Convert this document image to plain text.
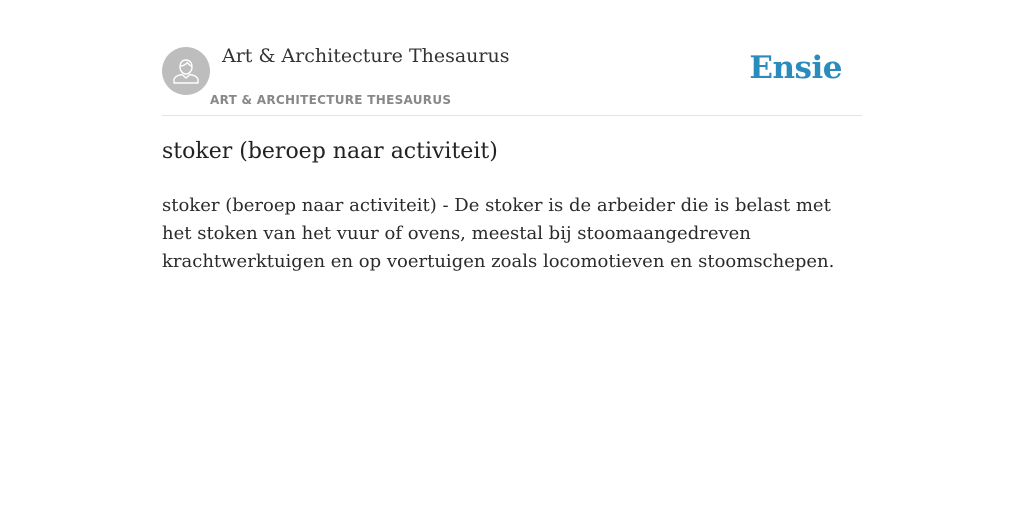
Art & Architecture Thesaurus
ART & ARCHITECTURE THESAURUS
Ensie
stoker (beroep naar activiteit)

stoker (beroep naar activiteit) - De stoker is de arbeider die is belast met het stoken van het vuur of ovens, meestal bij stoomaangedreven krachtwerktuigen en op voertuigen zoals locomotieven en stoomschepen.
